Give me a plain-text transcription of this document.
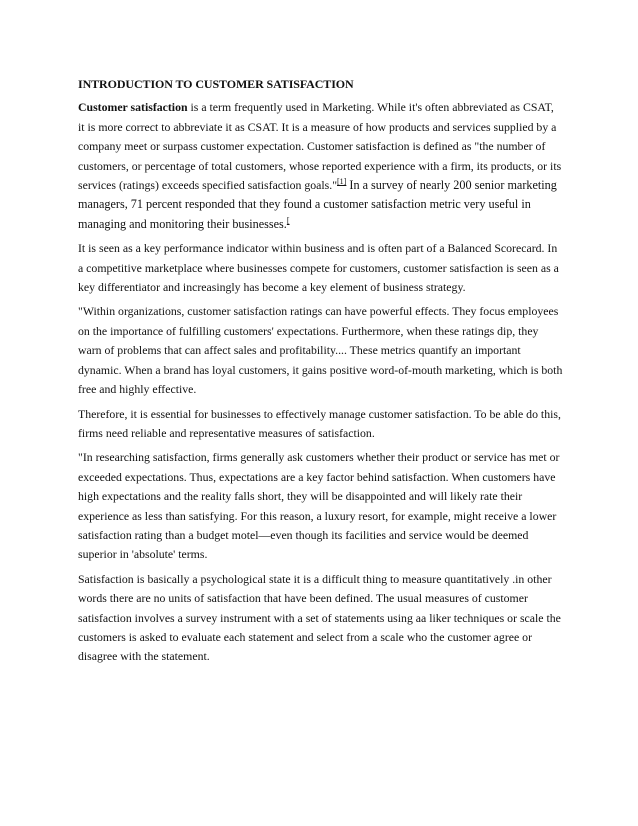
INTRODUCTION TO CUSTOMER SATISFACTION

Customer satisfaction is a term frequently used in Marketing. While it's often abbreviated as CSAT, it is more correct to abbreviate it as CSAT. It is a measure of how products and services supplied by a company meet or surpass customer expectation. Customer satisfaction is defined as "the number of customers, or percentage of total customers, whose reported experience with a firm, its products, or its services (ratings) exceeds specified satisfaction goals."[1] In a survey of nearly 200 senior marketing managers, 71 percent responded that they found a customer satisfaction metric very useful in managing and monitoring their businesses.[

It is seen as a key performance indicator within business and is often part of a Balanced Scorecard. In a competitive marketplace where businesses compete for customers, customer satisfaction is seen as a key differentiator and increasingly has become a key element of business strategy.

"Within organizations, customer satisfaction ratings can have powerful effects. They focus employees on the importance of fulfilling customers' expectations. Furthermore, when these ratings dip, they warn of problems that can affect sales and profitability.... These metrics quantify an important dynamic. When a brand has loyal customers, it gains positive word-of-mouth marketing, which is both free and highly effective.

Therefore, it is essential for businesses to effectively manage customer satisfaction. To be able do this, firms need reliable and representative measures of satisfaction.

"In researching satisfaction, firms generally ask customers whether their product or service has met or exceeded expectations. Thus, expectations are a key factor behind satisfaction. When customers have high expectations and the reality falls short, they will be disappointed and will likely rate their experience as less than satisfying. For this reason, a luxury resort, for example, might receive a lower satisfaction rating than a budget motel—even though its facilities and service would be deemed superior in 'absolute' terms.

Satisfaction is basically a psychological state it is a difficult thing to measure quantitatively .in other words there are no units of satisfaction that have been defined. The usual measures of customer satisfaction involves a survey instrument with a set of statements using aa liker techniques or scale the customers is asked to evaluate each statement and select from a scale who the customer agree or disagree with the statement.
